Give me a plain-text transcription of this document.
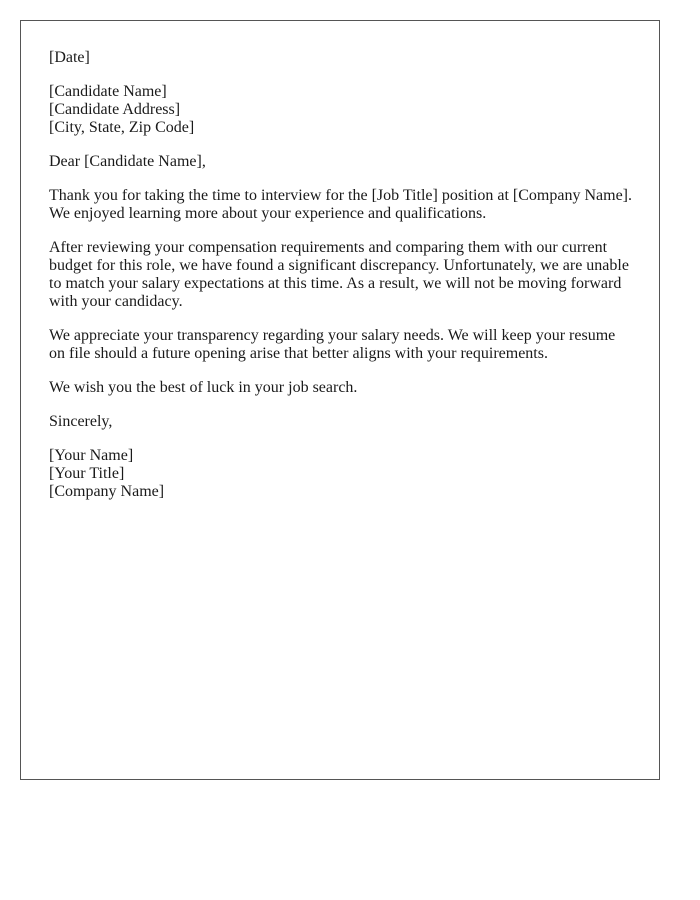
[Date]
[Candidate Name]
[Candidate Address]
[City, State, Zip Code]
Dear [Candidate Name],

Thank you for taking the time to interview for the [Job Title] position at [Company Name].
We enjoyed learning more about your experience and qualifications.

After reviewing your compensation requirements and comparing them with our current
budget for this role, we have found a significant discrepancy. Unfortunately, we are unable
to match your salary expectations at this time. As a result, we will not be moving forward
with your candidacy.

We appreciate your transparency regarding your salary needs. We will keep your resume
on file should a future opening arise that better aligns with your requirements.

We wish you the best of luck in your job search.

Sincerely,
[Your Name]
[Your Title]
[Company Name]
